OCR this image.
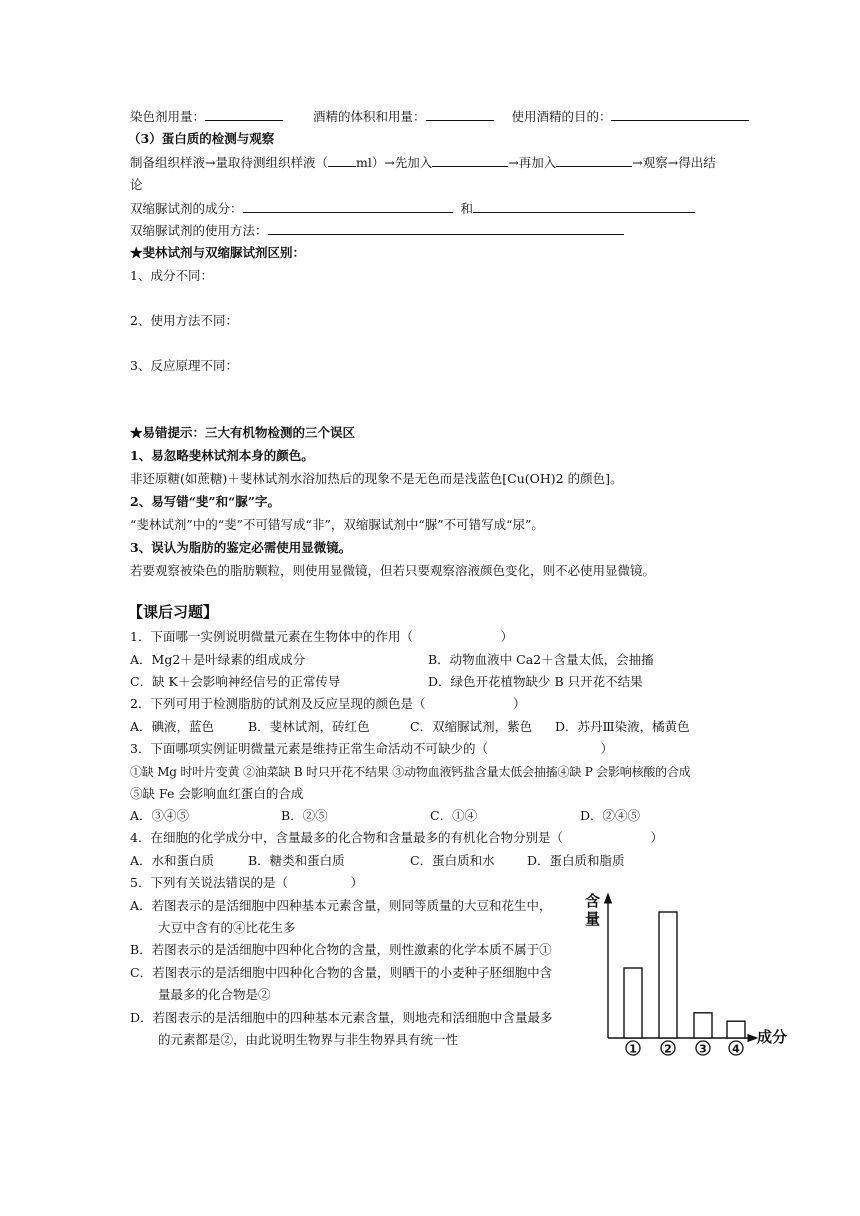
染色剂用量：	酒精的体积和用量：	使用酒精的目的：
（3）蛋白质的检测与观察
制备组织样液→量取待测组织样液（ ml）→先加入	→再加入	→观察→得出结
论
双缩脲试剂的成分：	和
双缩脲试剂的使用方法：
★斐林试剂与双缩脲试剂区别：
1、成分不同：
2、使用方法不同：
3、反应原理不同：
★易错提示：三大有机物检测的三个误区
1、易忽略斐林试剂本身的颜色。
非还原糖(如蔗糖)＋斐林试剂水浴加热后的现象不是无色而是浅蓝色[Cu(OH)2 的颜色]。
2、易写错“斐”和“脲”字。
“斐林试剂”中的“斐”不可错写成“非”，双缩脲试剂中“脲”不可错写成“尿”。
3、误认为脂肪的鉴定必需使用显微镜。
若要观察被染色的脂肪颗粒，则使用显微镜，但若只要观察溶液颜色变化，则不必使用显微镜。
【课后习题】
1．下面哪一实例说明微量元素在生物体中的作用（　　　　　　　）
A．Mg2＋是叶绿素的组成成分	B．动物血液中 Ca2＋含量太低，会抽搐
C．缺 K＋会影响神经信号的正常传导	D．绿色开花植物缺少 B 只开花不结果
2．下列可用于检测脂肪的试剂及反应呈现的颜色是（　　　　　　　）
A．碘液，蓝色	B．斐林试剂，砖红色	C．双缩脲试剂，紫色 D．苏丹Ⅲ染液，橘黄色
3．下面哪项实例证明微量元素是维持正常生命活动不可缺少的（　　　　　　　　　）
①缺 Mg 时叶片变黄 ②油菜缺 B 时只开花不结果 ③动物血液钙盐含量太低会抽搐④缺 P 会影响核酸的合成
⑤缺 Fe 会影响血红蛋白的合成
A．③④⑤	B．②⑤	C．①④	D．②④⑤
4．在细胞的化学成分中，含量最多的化合物和含量最多的有机化合物分别是（　　　　　　　）
A．水和蛋白质	B．糖类和蛋白质	C．蛋白质和水	D．蛋白质和脂质
5．下列有关说法错误的是（　　　　　）
A．若图表示的是活细胞中四种基本元素含量，则同等质量的大豆和花生中，
大豆中含有的④比花生多
B．若图表示的是活细胞中四种化合物的含量，则性激素的化学本质不属于①
C．若图表示的是活细胞中四种化合物的含量，则晒干的小麦种子胚细胞中含
量最多的化合物是②
D．若图表示的是活细胞中的四种基本元素含量，则地壳和活细胞中含量最多
的元素都是②，由此说明生物界与非生物界具有统一性
含量
成分
1 2 3 4
